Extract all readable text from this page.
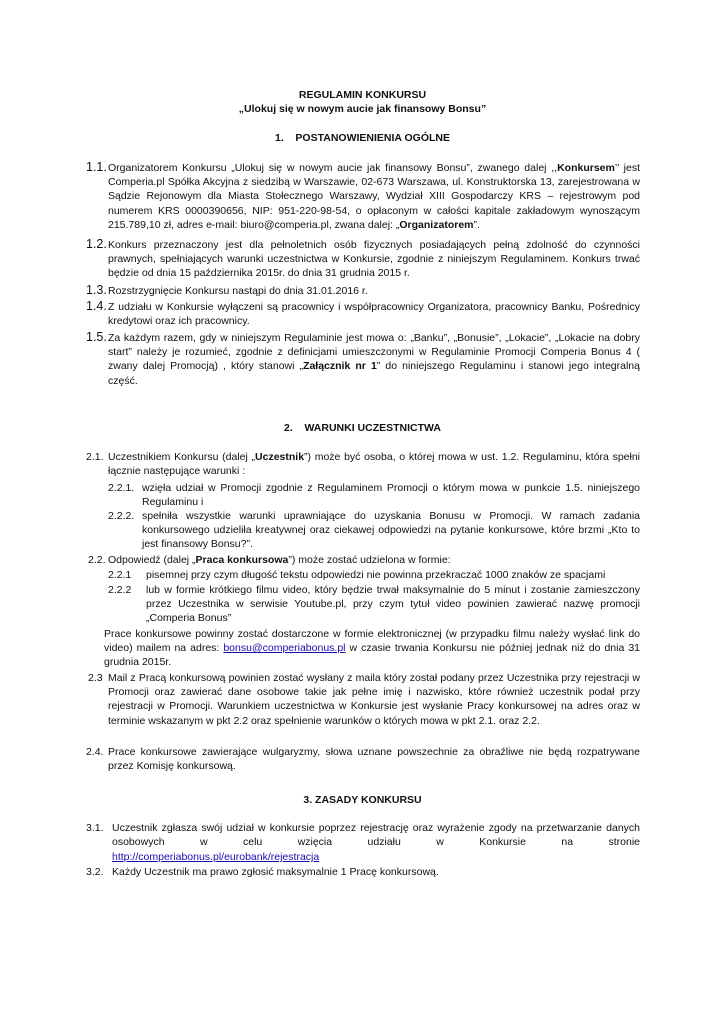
REGULAMIN KONKURSU
„Ulokuj się w nowym aucie jak finansowy Bonsu”
1. POSTANOWIENIENIA OGÓLNE
1.1. Organizatorem Konkursu „Ulokuj się w nowym aucie jak finansowy Bonsu”, zwanego dalej ,,Konkursem’’ jest Comperia.pl Spółka Akcyjna z siedzibą w Warszawie, 02-673 Warszawa, ul. Konstruktorska 13, zarejestrowana w Sądzie Rejonowym dla Miasta Stołecznego Warszawy, Wydział XIII Gospodarczy KRS – rejestrowym pod numerem KRS 0000390656, NIP: 951-220-98-54, o opłaconym w całości kapitale zakładowym wynoszącym 215.789,10 zł, adres e-mail: biuro@comperia.pl, zwana dalej: „Organizatorem”.
1.2. Konkurs przeznaczony jest dla pełnoletnich osób fizycznych posiadających pełną zdolność do czynności prawnych, spełniających warunki uczestnictwa w Konkursie, zgodnie z niniejszym Regulaminem. Konkurs trwać będzie od dnia 15 października 2015r. do dnia 31 grudnia 2015 r.
1.3. Rozstrzygnięcie Konkursu nastąpi do dnia 31.01.2016 r.
1.4. Z udziału w Konkursie wyłączeni są pracownicy i współpracownicy Organizatora, pracownicy Banku, Pośrednicy kredytowi oraz ich pracownicy.
1.5. Za każdym razem, gdy w niniejszym Regulaminie jest mowa o: „Banku”, „Bonusie”, „Lokacie”, „Lokacie na dobry start” należy je rozumieć, zgodnie z definicjami umieszczonymi w Regulaminie Promocji Comperia Bonus 4 ( zwany dalej Promocją) , który stanowi „Załącznik nr 1” do niniejszego Regulaminu i stanowi jego integralną część.
2. WARUNKI UCZESTNICTWA
2.1. Uczestnikiem Konkursu (dalej „Uczestnik”) może być osoba, o której mowa w ust. 1.2. Regulaminu, która spełni łącznie następujące warunki :
2.2.1. wzięła udział w Promocji zgodnie z Regulaminem Promocji o którym mowa w punkcie 1.5. niniejszego Regulaminu i
2.2.2. spełniła wszystkie warunki uprawniające do uzyskania Bonusu w Promocji. W ramach zadania konkursowego udzieliła kreatywnej oraz ciekawej odpowiedzi na pytanie konkursowe, które brzmi „Kto to jest finansowy Bonsu?”.
2.2. Odpowiedź (dalej „Praca konkursowa”) może zostać udzielona w formie:
2.2.1 pisemnej przy czym długość tekstu odpowiedzi nie powinna przekraczać 1000 znaków ze spacjami
2.2.2 lub w formie krótkiego filmu video, który będzie trwał maksymalnie do 5 minut i zostanie zamieszczony przez Uczestnika w serwisie Youtube.pl, przy czym tytuł video powinien zawierać nazwę promocji „Comperia Bonus”
Prace konkursowe powinny zostać dostarczone w formie elektronicznej (w przypadku filmu należy wysłać link do video) mailem na adres: bonsu@comperiabonus.pl w czasie trwania Konkursu nie później jednak niż do dnia 31 grudnia 2015r.
2.3 Mail z Pracą konkursową powinien zostać wysłany z maila który został podany przez Uczestnika przy rejestracji w Promocji oraz zawierać dane osobowe takie jak pełne imię i nazwisko, które również uczestnik podał przy rejestracji w Promocji. Warunkiem uczestnictwa w Konkursie jest wysłanie Pracy konkursowej na adres oraz w terminie wskazanym w pkt 2.2 oraz spełnienie warunków o których mowa w pkt 2.1. oraz 2.2.
2.4. Prace konkursowe zawierające wulgaryzmy, słowa uznane powszechnie za obraźliwe nie będą rozpatrywane przez Komisję konkursową.
3. ZASADY KONKURSU
3.1. Uczestnik zgłasza swój udział w konkursie poprzez rejestrację oraz wyrażenie zgody na przetwarzanie danych osobowych w celu wzięcia udziału w Konkursie na stronie
http://comperiabonus.pl/eurobank/rejestracja
3.2. Każdy Uczestnik ma prawo zgłosić maksymalnie 1 Pracę konkursową.
